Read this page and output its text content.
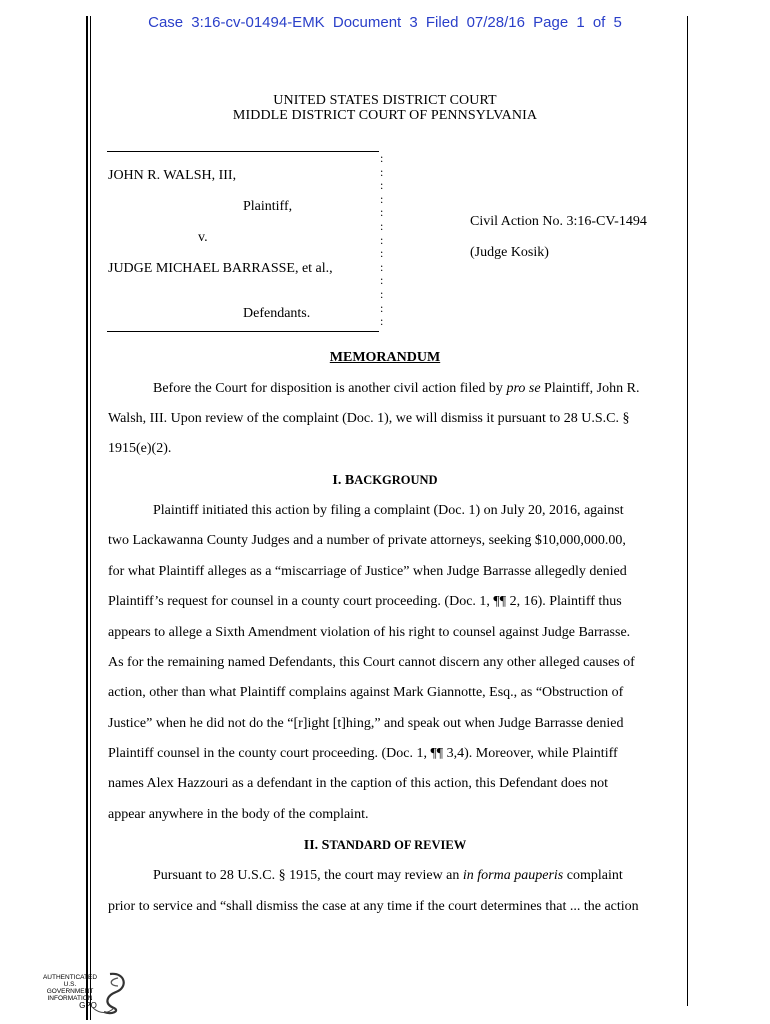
Case 3:16-cv-01494-EMK Document 3 Filed 07/28/16 Page 1 of 5
UNITED STATES DISTRICT COURT
MIDDLE DISTRICT COURT OF PENNSYLVANIA
JOHN R. WALSH, III,
Plaintiff,
v.
JUDGE MICHAEL BARRASSE, et al.,
Defendants.
:
:
:
:
:
:
:
:
:
:
:
:
:
Civil Action No. 3:16-CV-1494
(Judge Kosik)
MEMORANDUM
Before the Court for disposition is another civil action filed by pro se Plaintiff, John R.
Walsh, III. Upon review of the complaint (Doc. 1), we will dismiss it pursuant to 28 U.S.C. §
1915(e)(2).
I. BACKGROUND
Plaintiff initiated this action by filing a complaint (Doc. 1) on July 20, 2016, against
two Lackawanna County Judges and a number of private attorneys, seeking $10,000,000.00,
for what Plaintiff alleges as a “miscarriage of Justice” when Judge Barrasse allegedly denied
Plaintiff’s request for counsel in a county court proceeding. (Doc. 1, ¶¶ 2, 16). Plaintiff thus
appears to allege a Sixth Amendment violation of his right to counsel against Judge Barrasse.
As for the remaining named Defendants, this Court cannot discern any other alleged causes of
action, other than what Plaintiff complains against Mark Giannotte, Esq., as “Obstruction of
Justice” when he did not do the “[r]ight [t]hing,” and speak out when Judge Barrasse denied
Plaintiff counsel in the county court proceeding. (Doc. 1, ¶¶ 3,4). Moreover, while Plaintiff
names Alex Hazzouri as a defendant in the caption of this action, this Defendant does not
appear anywhere in the body of the complaint.
II. STANDARD OF REVIEW
Pursuant to 28 U.S.C. § 1915, the court may review an in forma pauperis complaint
prior to service and “shall dismiss the case at any time if the court determines that ... the action
AUTHENTICATED
U.S. GOVERNMENT
INFORMATION
GPO
